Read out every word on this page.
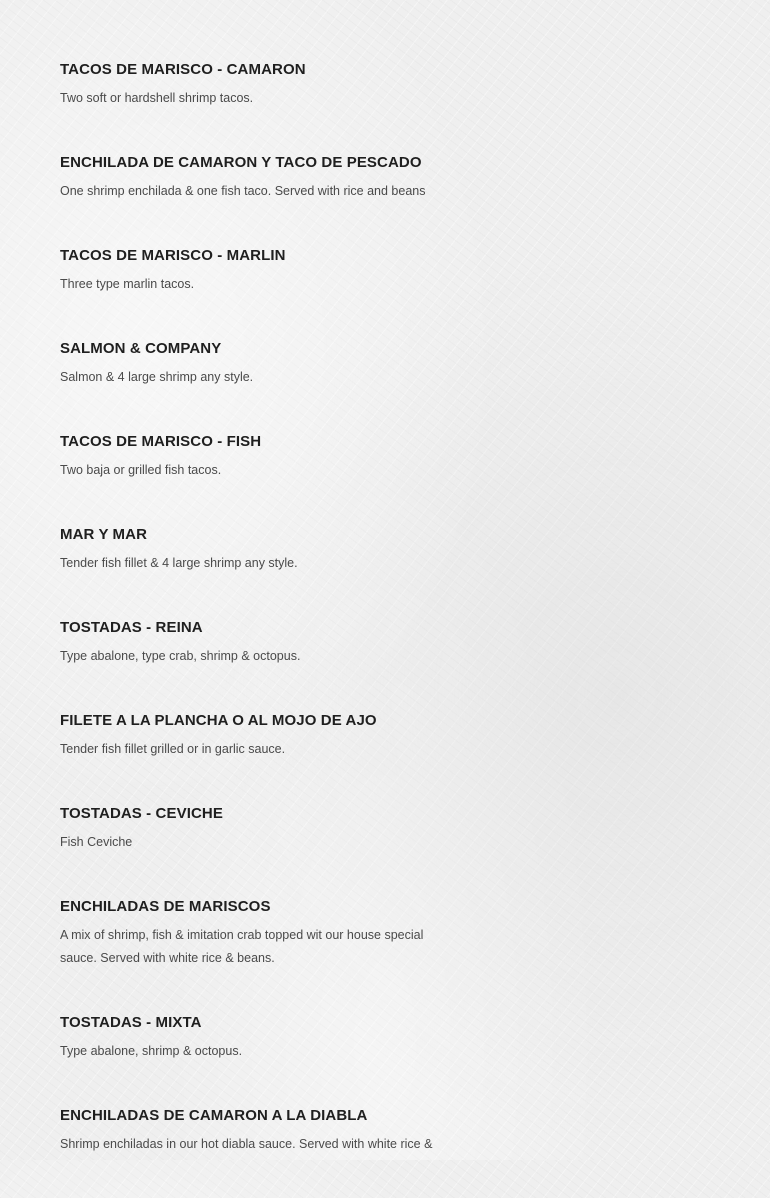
TACOS DE MARISCO - CAMARON
Two soft or hardshell shrimp tacos.
ENCHILADA DE CAMARON Y TACO DE PESCADO
One shrimp enchilada & one fish taco. Served with rice and beans
TACOS DE MARISCO - MARLIN
Three type marlin tacos.
SALMON & COMPANY
Salmon & 4 large shrimp any style.
TACOS DE MARISCO - FISH
Two baja or grilled fish tacos.
MAR Y MAR
Tender fish fillet & 4 large shrimp any style.
TOSTADAS - REINA
Type abalone, type crab, shrimp & octopus.
FILETE A LA PLANCHA O AL MOJO DE AJO
Tender fish fillet grilled or in garlic sauce.
TOSTADAS - CEVICHE
Fish Ceviche
ENCHILADAS DE MARISCOS
A mix of shrimp, fish & imitation crab topped wit our house special sauce. Served with white rice & beans.
TOSTADAS - MIXTA
Type abalone, shrimp & octopus.
ENCHILADAS DE CAMARON A LA DIABLA
Shrimp enchiladas in our hot diabla sauce. Served with white rice &
